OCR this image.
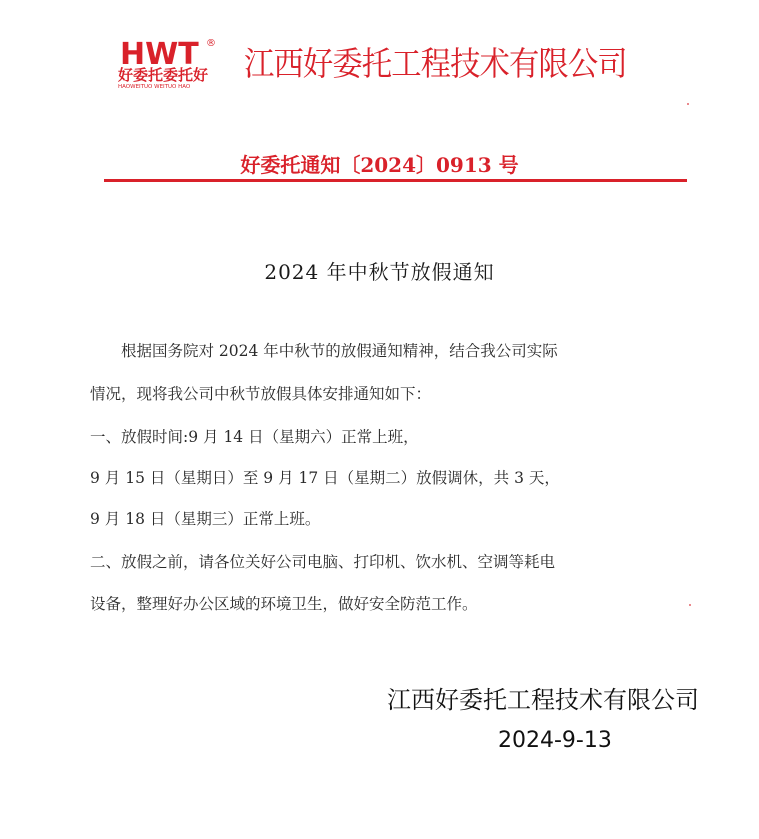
HWT ®
好委托委托好
HAOWEITUO WEITUO HAO
江西好委托工程技术有限公司
好委托通知〔2024〕0913 号
2024 年中秋节放假通知
　　根据国务院对 2024 年中秋节的放假通知精神，结合我公司实际
情况，现将我公司中秋节放假具体安排通知如下：
一、放假时间:9 月 14 日（星期六）正常上班，
9 月 15 日（星期日）至 9 月 17 日（星期二）放假调休，共 3 天，
9 月 18 日（星期三）正常上班。
二、放假之前，请各位关好公司电脑、打印机、饮水机、空调等耗电
设备，整理好办公区域的环境卫生，做好安全防范工作。
江西好委托工程技术有限公司
2024-9-13
